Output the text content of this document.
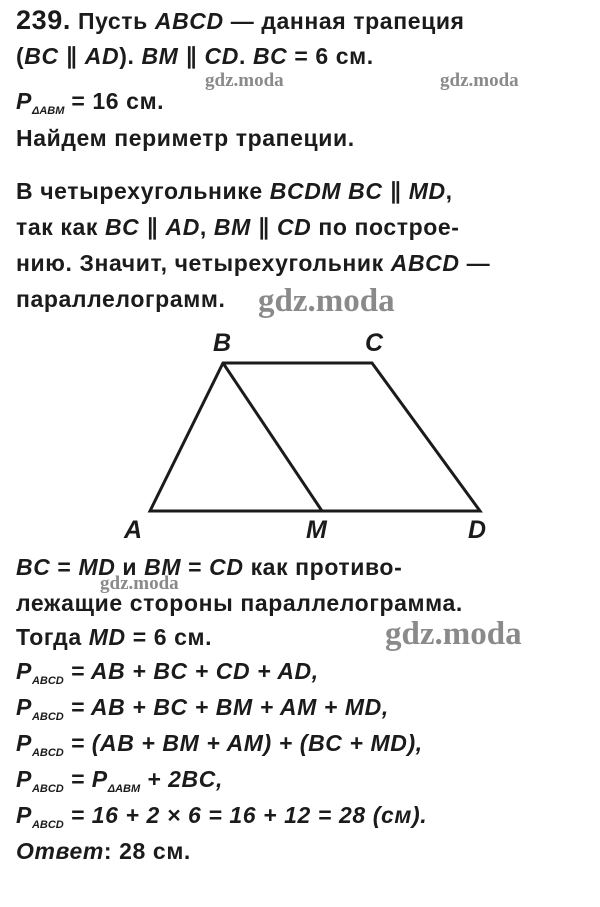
239. Пусть ABCD — данная трапеция
(BC ∥ AD). BM ∥ CD. BC = 6 см.
$P_{\Delta ABM} = 16$ см.
Найдем периметр трапеции.
В четырехугольнике BCDM BC ∥ MD,
так как BC ∥ AD, BM ∥ CD по построе-
нию. Значит, четырехугольник ABCD —
параллелограмм.
B	C
A	M	D
BC = MD и BM = CD как противо-
лежащие стороны параллелограмма.
Тогда MD = 6 см.
$P_{ABCD}$ = AB + BC + CD + AD,
$P_{ABCD}$ = AB + BC + BM + AM + MD,
$P_{ABCD} = (AB$ + BM + AM) + (BC + MD),
$P_{ABCD} = P_{\Delta ABM} + 2BC$,
$P_{ABCD} = 16 + 2 \times 6 = 16 + 12 = 28$ (см).
Ответ: 28 см.
gdz.moda	gdz.moda
gdz.moda
gdz.moda
gdz.moda
